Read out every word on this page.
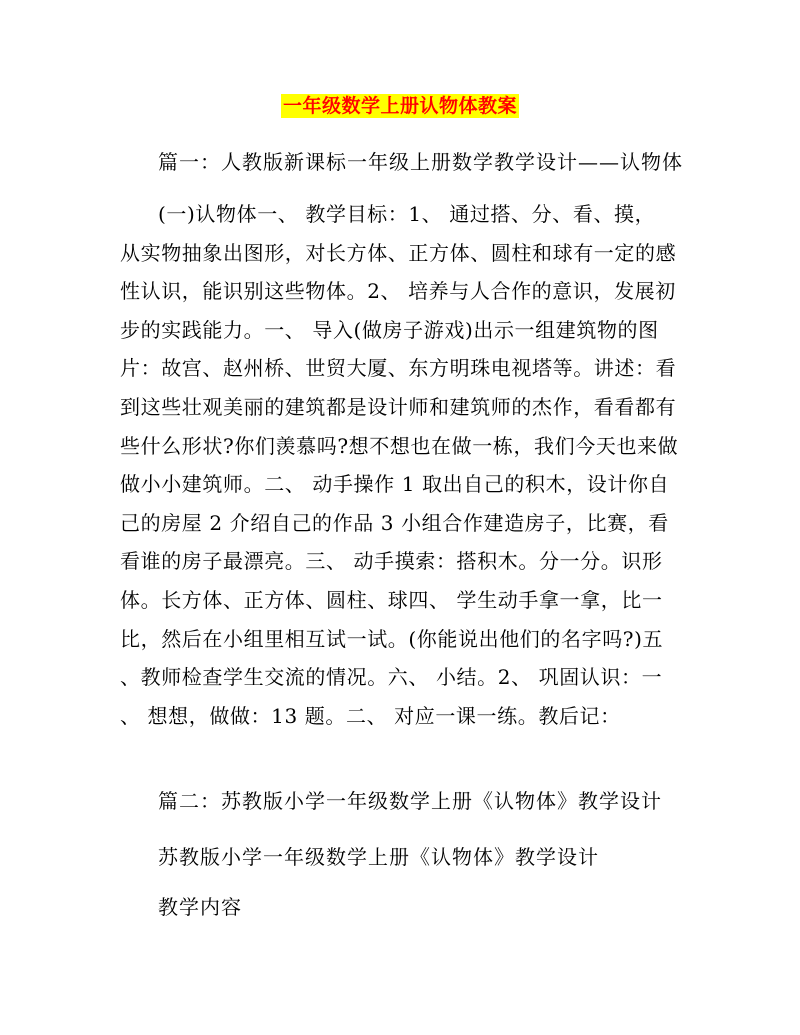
一年级数学上册认物体教案
篇一：人教版新课标一年级上册数学教学设计——认物体
(一)认物体一、 教学目标：1、 通过搭、分、看、摸，
从实物抽象出图形，对长方体、正方体、圆柱和球有一定的感
性认识，能识别这些物体。2、 培养与人合作的意识，发展初
步的实践能力。一、 导入(做房子游戏)出示一组建筑物的图
片：故宫、赵州桥、世贸大厦、东方明珠电视塔等。讲述：看
到这些壮观美丽的建筑都是设计师和建筑师的杰作，看看都有
些什么形状?你们羡慕吗?想不想也在做一栋，我们今天也来做
做小小建筑师。二、 动手操作 1 取出自己的积木，设计你自
己的房屋 2 介绍自己的作品 3 小组合作建造房子，比赛，看
看谁的房子最漂亮。三、 动手摸索：搭积木。分一分。识形
体。长方体、正方体、圆柱、球四、 学生动手拿一拿，比一
比，然后在小组里相互试一试。(你能说出他们的名字吗?)五
、教师检查学生交流的情况。六、 小结。2、 巩固认识：一
、 想想，做做：13 题。二、 对应一课一练。教后记：
篇二：苏教版小学一年级数学上册《认物体》教学设计
苏教版小学一年级数学上册《认物体》教学设计
教学内容
